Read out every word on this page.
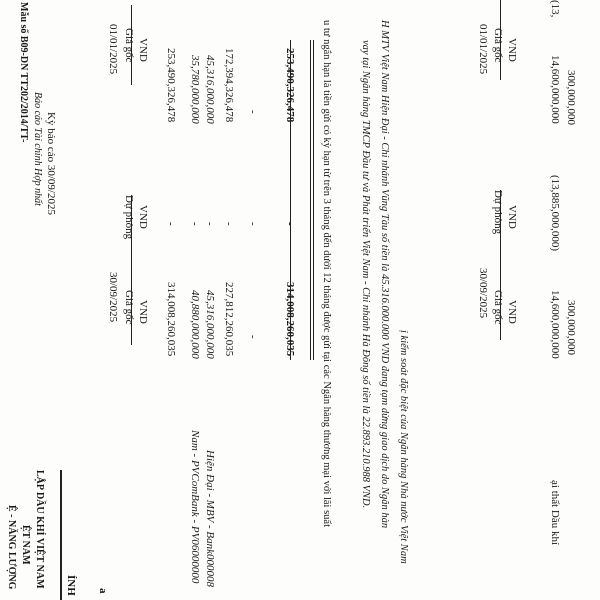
Mẫu số B09-DN TT202/2014/TT-
Báo cáo Tài chính Hợp nhất Kỳ báo cáo 30/09/2025
Ệ - NĂNG LƯỢNG ỆT NAM LẬP DẦU KHÍ VIỆT NAM ÍNH a
01/01/2025 Giá gốc VND
30/09/2025
Dự phòng VND
Giá gốc VND
253,490,326,478
-
314,008,260,035
35,780,000,000
-
40,880,000,000
Nam - PVComBank - PV06000000
45,316,000,000
-
45,316,000,000
Hiện Đại - MBV - Bank000008
172,394,326,478
-
227,812,260,035
-
-
-
253,490,326,478
-
314,008,260,035 u tư ngắn hạn là tiền gửi có kỳ hạn từ trên 3 tháng đến dưới 12 tháng được gửi tại các Ngân hàng thương mại với lãi suất	vay tại Ngân hàng TMCP Đầu tư và Phát triển Việt Nam - Chi nhánh Hà Đông số tiền là 22.893.210.988 VND. H MTV Việt Nam Hiện Đại - Chi nhánh Vũng Tàu số tiền là 45.316.000.000 VND đang tạm dừng giao dịch do Ngân hàn ị kiểm soát đặc biệt của Ngân hàng Nhà nước Việt Nam
01/01/2025 Giá gốc VND
30/09/2025
Dự phòng VND
Giá gốc VND
(13,
14,600,000,000
(13,885,000,000)
14,600,000,000
ại thất Dầu khí
300,000,000
300,000,000
